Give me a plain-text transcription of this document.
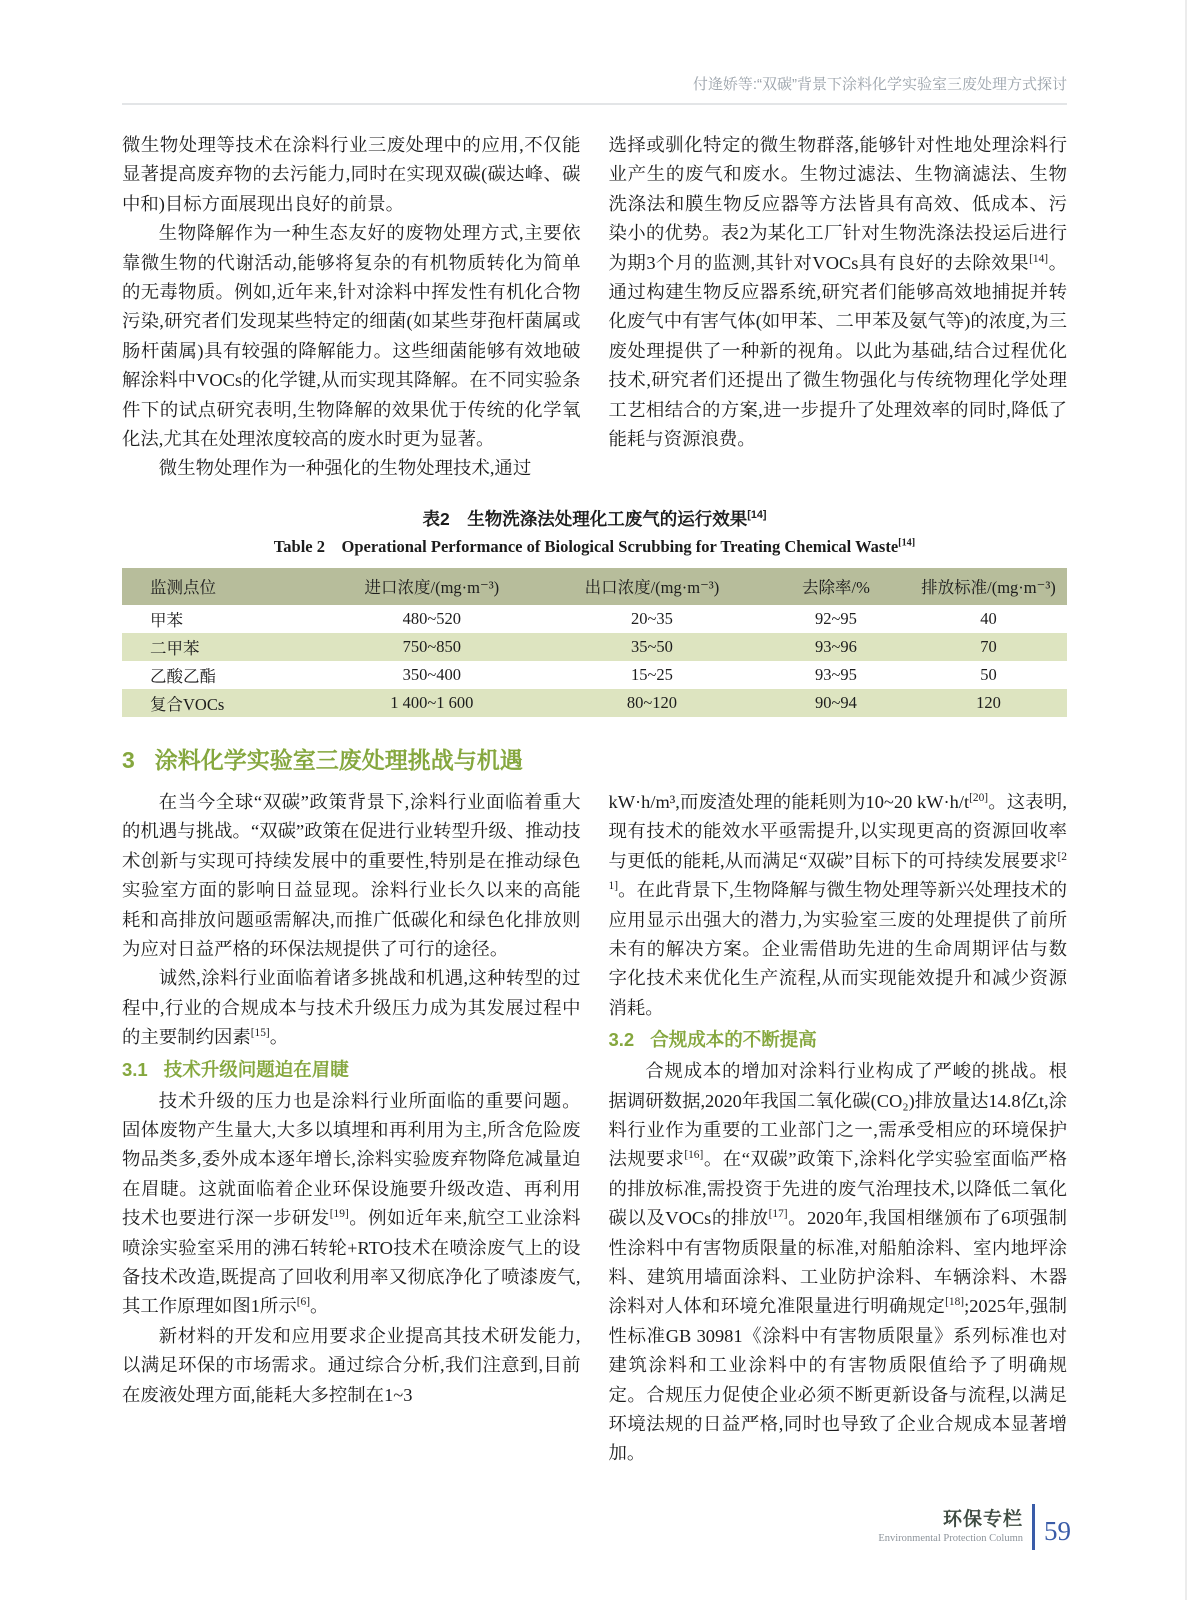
付逄娇等:“双碳”背景下涂料化学实验室三废处理方式探讨

微生物处理等技术在涂料行业三废处理中的应用,不仅能显著提高废弃物的去污能力,同时在实现双碳(碳达峰、碳中和)目标方面展现出良好的前景。

生物降解作为一种生态友好的废物处理方式,主要依靠微生物的代谢活动,能够将复杂的有机物质转化为简单的无毒物质。例如,近年来,针对涂料中挥发性有机化合物污染,研究者们发现某些特定的细菌(如某些芽孢杆菌属或肠杆菌属)具有较强的降解能力。这些细菌能够有效地破解涂料中VOCs的化学键,从而实现其降解。在不同实验条件下的试点研究表明,生物降解的效果优于传统的化学氧化法,尤其在处理浓度较高的废水时更为显著。

微生物处理作为一种强化的生物处理技术,通过

选择或驯化特定的微生物群落,能够针对性地处理涂料行业产生的废气和废水。生物过滤法、生物滴滤法、生物洗涤法和膜生物反应器等方法皆具有高效、低成本、污染小的优势。表2为某化工厂针对生物洗涤法投运后进行为期3个月的监测,其针对VOCs具有良好的去除效果[14]。通过构建生物反应器系统,研究者们能够高效地捕捉并转化废气中有害气体(如甲苯、二甲苯及氨气等)的浓度,为三废处理提供了一种新的视角。以此为基础,结合过程优化技术,研究者们还提出了微生物强化与传统物理化学处理工艺相结合的方案,进一步提升了处理效率的同时,降低了能耗与资源浪费。

表2　生物洗涤法处理化工废气的运行效果[14]
Table 2　Operational Performance of Biological Scrubbing for Treating Chemical Waste[14]
监测点位	进口浓度/(mg·m⁻³)	出口浓度/(mg·m⁻³)	去除率/%	排放标准/(mg·m⁻³)
甲苯	480~520	20~35	92~95	40
二甲苯	750~850	35~50	93~96	70
乙酸乙酯	350~400	15~25	93~95	50
复合VOCs	1 400~1 600	80~120	90~94	120
3 涂料化学实验室三废处理挑战与机遇

在当今全球“双碳”政策背景下,涂料行业面临着重大的机遇与挑战。“双碳”政策在促进行业转型升级、推动技术创新与实现可持续发展中的重要性,特别是在推动绿色实验室方面的影响日益显现。涂料行业长久以来的高能耗和高排放问题亟需解决,而推广低碳化和绿色化排放则为应对日益严格的环保法规提供了可行的途径。

诚然,涂料行业面临着诸多挑战和机遇,这种转型的过程中,行业的合规成本与技术升级压力成为其发展过程中的主要制约因素[15]。

3.1 技术升级问题迫在眉睫

技术升级的压力也是涂料行业所面临的重要问题。固体废物产生量大,大多以填埋和再利用为主,所含危险废物品类多,委外成本逐年增长,涂料实验废弃物降危减量迫在眉睫。这就面临着企业环保设施要升级改造、再利用技术也要进行深一步研发[19]。例如近年来,航空工业涂料喷涂实验室采用的沸石转轮+RTO技术在喷涂废气上的设备技术改造,既提高了回收利用率又彻底净化了喷漆废气,其工作原理如图1所示[6]。

新材料的开发和应用要求企业提高其技术研发能力,以满足环保的市场需求。通过综合分析,我们注意到,目前在废液处理方面,能耗大多控制在1~3

kW·h/m³,而废渣处理的能耗则为10~20 kW·h/t[20]。这表明,现有技术的能效水平亟需提升,以实现更高的资源回收率与更低的能耗,从而满足“双碳”目标下的可持续发展要求[21]。在此背景下,生物降解与微生物处理等新兴处理技术的应用显示出强大的潜力,为实验室三废的处理提供了前所未有的解决方案。企业需借助先进的生命周期评估与数字化技术来优化生产流程,从而实现能效提升和减少资源消耗。

3.2 合规成本的不断提高

合规成本的增加对涂料行业构成了严峻的挑战。根据调研数据,2020年我国二氧化碳(CO₂)排放量达14.8亿t,涂料行业作为重要的工业部门之一,需承受相应的环境保护法规要求[16]。在“双碳”政策下,涂料化学实验室面临严格的排放标准,需投资于先进的废气治理技术,以降低二氧化碳以及VOCs的排放[17]。2020年,我国相继颁布了6项强制性涂料中有害物质限量的标准,对船舶涂料、室内地坪涂料、建筑用墙面涂料、工业防护涂料、车辆涂料、木器涂料对人体和环境允准限量进行明确规定[18];2025年,强制性标准GB 30981《涂料中有害物质限量》系列标准也对建筑涂料和工业涂料中的有害物质限值给予了明确规定。合规压力促使企业必须不断更新设备与流程,以满足环境法规的日益严格,同时也导致了企业合规成本显著增加。

环保专栏
Environmental Protection Column 59
